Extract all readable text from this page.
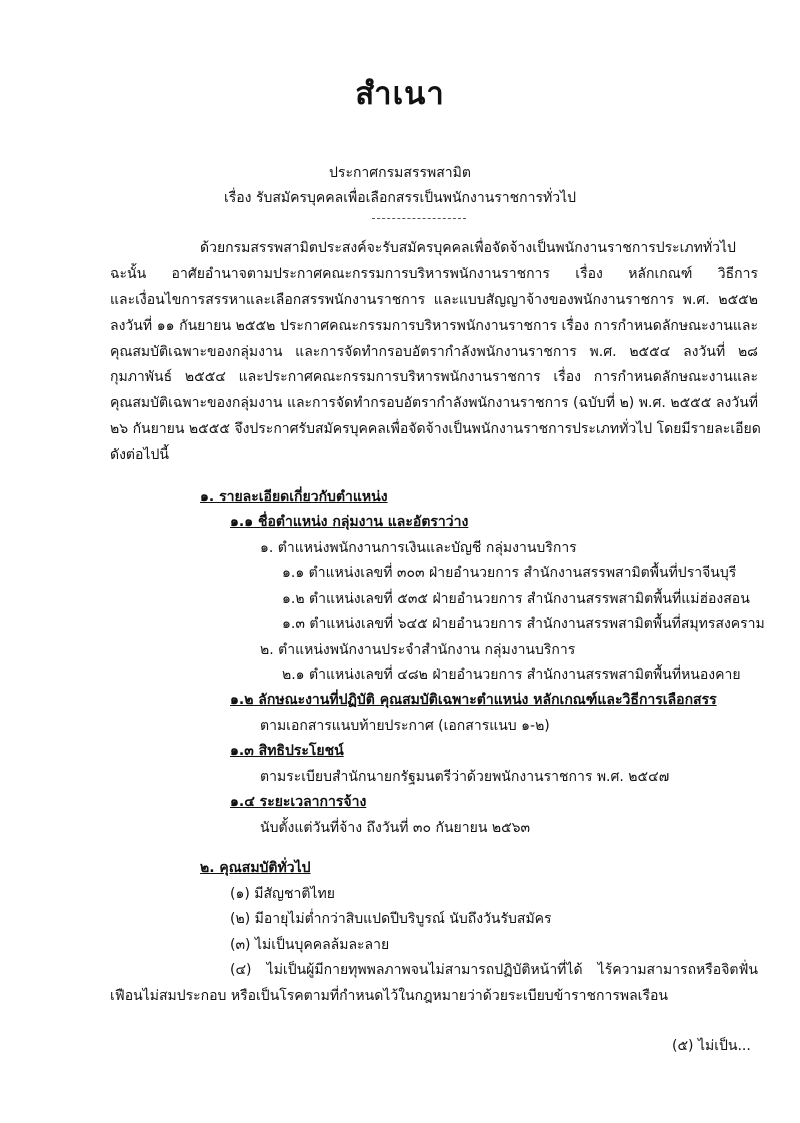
สำเนา
ประกาศกรมสรรพสามิต
เรื่อง รับสมัครบุคคลเพื่อเลือกสรรเป็นพนักงานราชการทั่วไป
ด้วยกรมสรรพสามิตประสงค์จะรับสมัครบุคคลเพื่อจัดจ้างเป็นพนักงานราชการประเภททั่วไป
ฉะนั้น อาศัยอำนาจตามประกาศคณะกรรมการบริหารพนักงานราชการ เรื่อง หลักเกณฑ์ วิธีการ
และเงื่อนไขการสรรหาและเลือกสรรพนักงานราชการ และแบบสัญญาจ้างของพนักงานราชการ พ.ศ. ๒๕๕๒
ลงวันที่ ๑๑ กันยายน ๒๕๕๒ ประกาศคณะกรรมการบริหารพนักงานราชการ เรื่อง การกำหนดลักษณะงานและ
คุณสมบัติเฉพาะของกลุ่มงาน และการจัดทำกรอบอัตรากำลังพนักงานราชการ พ.ศ. ๒๕๕๔ ลงวันที่ ๒๘
กุมภาพันธ์ ๒๕๕๔ และประกาศคณะกรรมการบริหารพนักงานราชการ เรื่อง การกำหนดลักษณะงานและ
คุณสมบัติเฉพาะของกลุ่มงาน และการจัดทำกรอบอัตรากำลังพนักงานราชการ (ฉบับที่ ๒) พ.ศ. ๒๕๕๕ ลงวันที่
๒๖ กันยายน ๒๕๕๕ จึงประกาศรับสมัครบุคคลเพื่อจัดจ้างเป็นพนักงานราชการประเภททั่วไป โดยมีรายละเอียด
ดังต่อไปนี้
๑. รายละเอียดเกี่ยวกับตำแหน่ง
๑.๑ ชื่อตำแหน่ง กลุ่มงาน และอัตราว่าง
๑. ตำแหน่งพนักงานการเงินและบัญชี กลุ่มงานบริการ
๑.๑ ตำแหน่งเลขที่ ๓๐๓ ฝ่ายอำนวยการ สำนักงานสรรพสามิตพื้นที่ปราจีนบุรี
๑.๒ ตำแหน่งเลขที่ ๕๓๕ ฝ่ายอำนวยการ สำนักงานสรรพสามิตพื้นที่แม่ฮ่องสอน
๑.๓ ตำแหน่งเลขที่ ๖๔๕ ฝ่ายอำนวยการ สำนักงานสรรพสามิตพื้นที่สมุทรสงคราม
๒. ตำแหน่งพนักงานประจำสำนักงาน กลุ่มงานบริการ
๒.๑ ตำแหน่งเลขที่ ๔๘๒ ฝ่ายอำนวยการ สำนักงานสรรพสามิตพื้นที่หนองคาย
๑.๒ ลักษณะงานที่ปฏิบัติ คุณสมบัติเฉพาะตำแหน่ง หลักเกณฑ์และวิธีการเลือกสรร
ตามเอกสารแนบท้ายประกาศ (เอกสารแนบ ๑-๒)
๑.๓ สิทธิประโยชน์
ตามระเบียบสำนักนายกรัฐมนตรีว่าด้วยพนักงานราชการ พ.ศ. ๒๕๔๗
๑.๔ ระยะเวลาการจ้าง
นับตั้งแต่วันที่จ้าง ถึงวันที่ ๓๐ กันยายน ๒๕๖๓
๒. คุณสมบัติทั่วไป
(๑) มีสัญชาติไทย
(๒) มีอายุไม่ต่ำกว่าสิบแปดปีบริบูรณ์ นับถึงวันรับสมัคร
(๓) ไม่เป็นบุคคลล้มละลาย
(๔) ไม่เป็นผู้มีกายทุพพลภาพจนไม่สามารถปฏิบัติหน้าที่ได้ ไร้ความสามารถหรือจิตฟั่น
เฟือนไม่สมประกอบ หรือเป็นโรคตามที่กำหนดไว้ในกฎหมายว่าด้วยระเบียบข้าราชการพลเรือน
(๕) ไม่เป็น...
